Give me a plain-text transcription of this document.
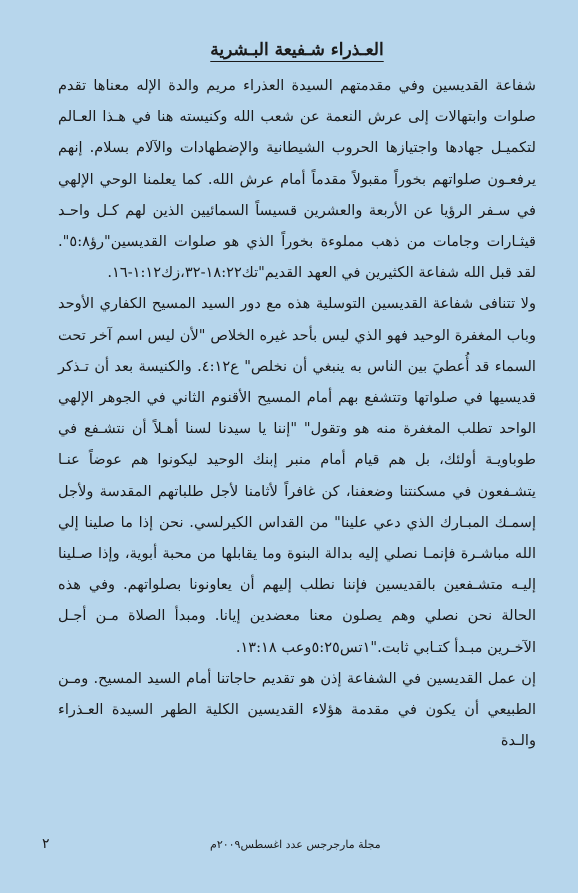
العـذراء شـفيعة البـشرية

شفاعة القديسين وفي مقدمتهم السيدة العذراء مريم والدة الإله معناها تقدم صلوات وابتهالات إلى عرش النعمة عن شعب الله وكنيسته هنا في هـذا العـالم لتكميـل جهادها واجتيازها الحروب الشيطانية والإضطهادات والآلام بسلام. إنهم يرفعـون صلواتهم بخوراً مقبولاً مقدماً أمام عرش الله. كما يعلمنا الوحي الإلهي في سـفر الرؤيا عن الأربعة والعشرين قسيساً السمائيين الذين لهم كـل واحـد قيثـارات وجامات من ذهب مملوءة بخوراً الذي هو صلوات القديسين"رؤ٥:٨". لقد قبل الله شفاعة الكثيرين في العهد القديم"تك١٨:٢٢-٣٢،زك١:١٢-١٦.

ولا تتنافى شفاعة القديسين التوسلية هذه مع دور السيد المسيح الكفاري الأوحد وباب المغفرة الوحيد فهو الذي ليس بأحد غيره الخلاص "لأن ليس اسم آخر تحت السماء قد أُعطيَ بين الناس به ينبغي أن نخلص" ع٤:١٢. والكنيسة بعد أن تـذكر قديسيها في صلواتها وتتشفع بهم أمام المسيح الأقنوم الثاني في الجوهر الإلهي الواحد تطلب المغفرة منه هو وتقول" "إننا يا سيدنا لسنا أهـلاً أن نتشـفع في طوباويـة أولئك، بل هم قيام أمام منبر إبنك الوحيد ليكونوا هم عوضاً عنـا يتشـفعون في مسكنتنا وضعفنا، كن غافراً لأثامنا لأجل طلباتهم المقدسة ولأجل إسمـك المبـارك الذي دعي علينا" من القداس الكيرلسي. نحن إذا ما صلينا إلي الله مباشـرة فإنمـا نصلي إليه بدالة البنوة وما يقابلها من محبة أبوية، وإذا صـلينا إليـه متشـفعين بالقديسين فإننا نطلب إليهم أن يعاونونا بصلواتهم. وفي هذه الحالة نحن نصلي وهم يصلون معنا معضدين إيانا. ومبدأ الصلاة مـن أجـل الآخـرين مبـدأ كتـابي ثابت."١تس٥:٢٥وعب ١٣:١٨.

إن عمل القديسين في الشفاعة إذن هو تقديم حاجاتنا أمام السيد المسيح. ومـن الطبيعي أن يكون في مقدمة هؤلاء القديسين الكلية الطهر السيدة العـذراء والـدة

مجلة مارجرجس عدد اغسطس٢٠٠٩م
٢
